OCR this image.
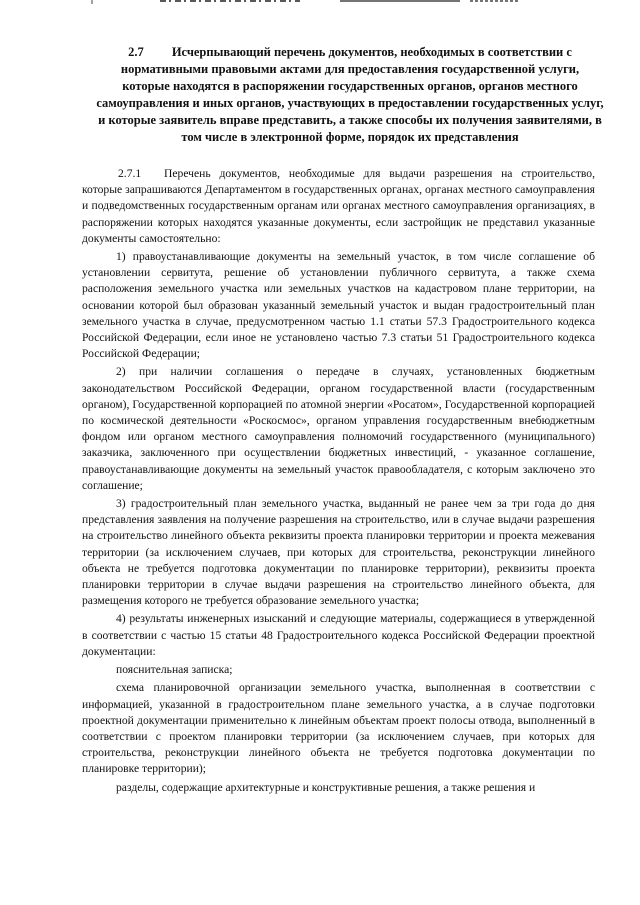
2.7 Исчерпывающий перечень документов, необходимых в соответствии с нормативными правовыми актами для предоставления государственной услуги, которые находятся в распоряжении государственных органов, органов местного самоуправления и иных органов, участвующих в предоставлении государственных услуг, и которые заявитель вправе представить, а также способы их получения заявителями, в том числе в электронной форме, порядок их представления

2.7.1 Перечень документов, необходимые для выдачи разрешения на строительство, которые запрашиваются Департаментом в государственных органах, органах местного самоуправления и подведомственных государственным органам или органах местного самоуправления организациях, в распоряжении которых находятся указанные документы, если застройщик не представил указанные документы самостоятельно:

1) правоустанавливающие документы на земельный участок, в том числе соглашение об установлении сервитута, решение об установлении публичного сервитута, а также схема расположения земельного участка или земельных участков на кадастровом плане территории, на основании которой был образован указанный земельный участок и выдан градостроительный план земельного участка в случае, предусмотренном частью 1.1 статьи 57.3 Градостроительного кодекса Российской Федерации, если иное не установлено частью 7.3 статьи 51 Градостроительного кодекса Российской Федерации;

2) при наличии соглашения о передаче в случаях, установленных бюджетным законодательством Российской Федерации, органом государственной власти (государственным органом), Государственной корпорацией по атомной энергии «Росатом», Государственной корпорацией по космической деятельности «Роскосмос», органом управления государственным внебюджетным фондом или органом местного самоуправления полномочий государственного (муниципального) заказчика, заключенного при осуществлении бюджетных инвестиций, - указанное соглашение, правоустанавливающие документы на земельный участок правообладателя, с которым заключено это соглашение;

3) градостроительный план земельного участка, выданный не ранее чем за три года до дня представления заявления на получение разрешения на строительство, или в случае выдачи разрешения на строительство линейного объекта реквизиты проекта планировки территории и проекта межевания территории (за исключением случаев, при которых для строительства, реконструкции линейного объекта не требуется подготовка документации по планировке территории), реквизиты проекта планировки территории в случае выдачи разрешения на строительство линейного объекта, для размещения которого не требуется образование земельного участка;

4) результаты инженерных изысканий и следующие материалы, содержащиеся в утвержденной в соответствии с частью 15 статьи 48 Градостроительного кодекса Российской Федерации проектной документации:

пояснительная записка;

схема планировочной организации земельного участка, выполненная в соответствии с информацией, указанной в градостроительном плане земельного участка, а в случае подготовки проектной документации применительно к линейным объектам проект полосы отвода, выполненный в соответствии с проектом планировки территории (за исключением случаев, при которых для строительства, реконструкции линейного объекта не требуется подготовка документации по планировке территории);

разделы, содержащие архитектурные и конструктивные решения, а также решения и
